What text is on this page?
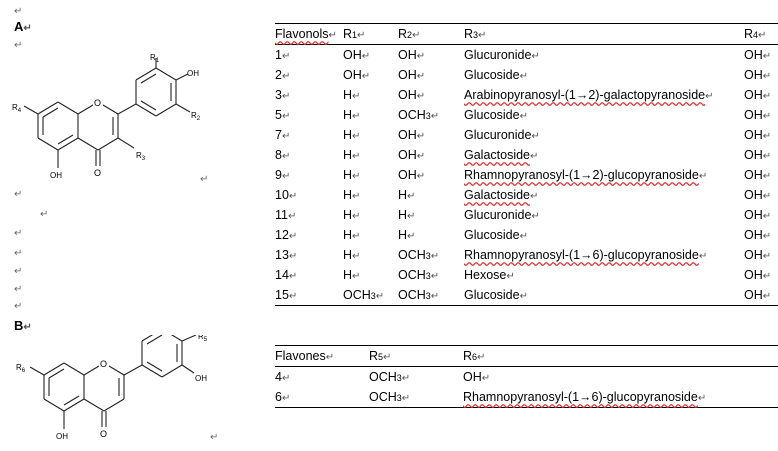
A↵
B↵
↵
↵
↵
↵
↵
↵
↵
↵
↵
↵
↵
O
$R_4$
OH	O
$R_3$
$R_1$
OH
$R_2$
O
$R_6$
OH	O
$R_5$
OH
Flavonols↵	R1↵	R2↵	R3↵	R4↵
1↵	OH↵	OH↵	Glucuronide↵	OH↵
2↵	OH↵	OH↵	Glucoside↵	OH↵
3↵	H↵	OH↵	Arabinopyranosyl-(1→2)-galactopyranoside↵	OH↵
5↵	H↵	OCH3↵	Glucoside↵	OH↵
7↵	H↵	OH↵	Glucuronide↵	OH↵
8↵	H↵	OH↵	Galactoside↵	OH↵
9↵	H↵	OH↵	Rhamnopyranosyl-(1→2)-glucopyranoside↵	OH↵
10↵	H↵	H↵	Galactoside↵	OH↵
11↵	H↵	H↵	Glucuronide↵	OH↵
12↵	H↵	H↵	Glucoside↵	OH↵
13↵	H↵	OCH3↵	Rhamnopyranosyl-(1→6)-glucopyranoside↵	OH↵
14↵	H↵	OCH3↵	Hexose↵	OH↵
15↵	OCH3↵	OCH3↵	Glucoside↵	OH↵
Flavones↵	R5↵	R6↵
4↵	OCH3↵	OH↵
6↵	OCH3↵	Rhamnopyranosyl-(1→6)-glucopyranoside↵
